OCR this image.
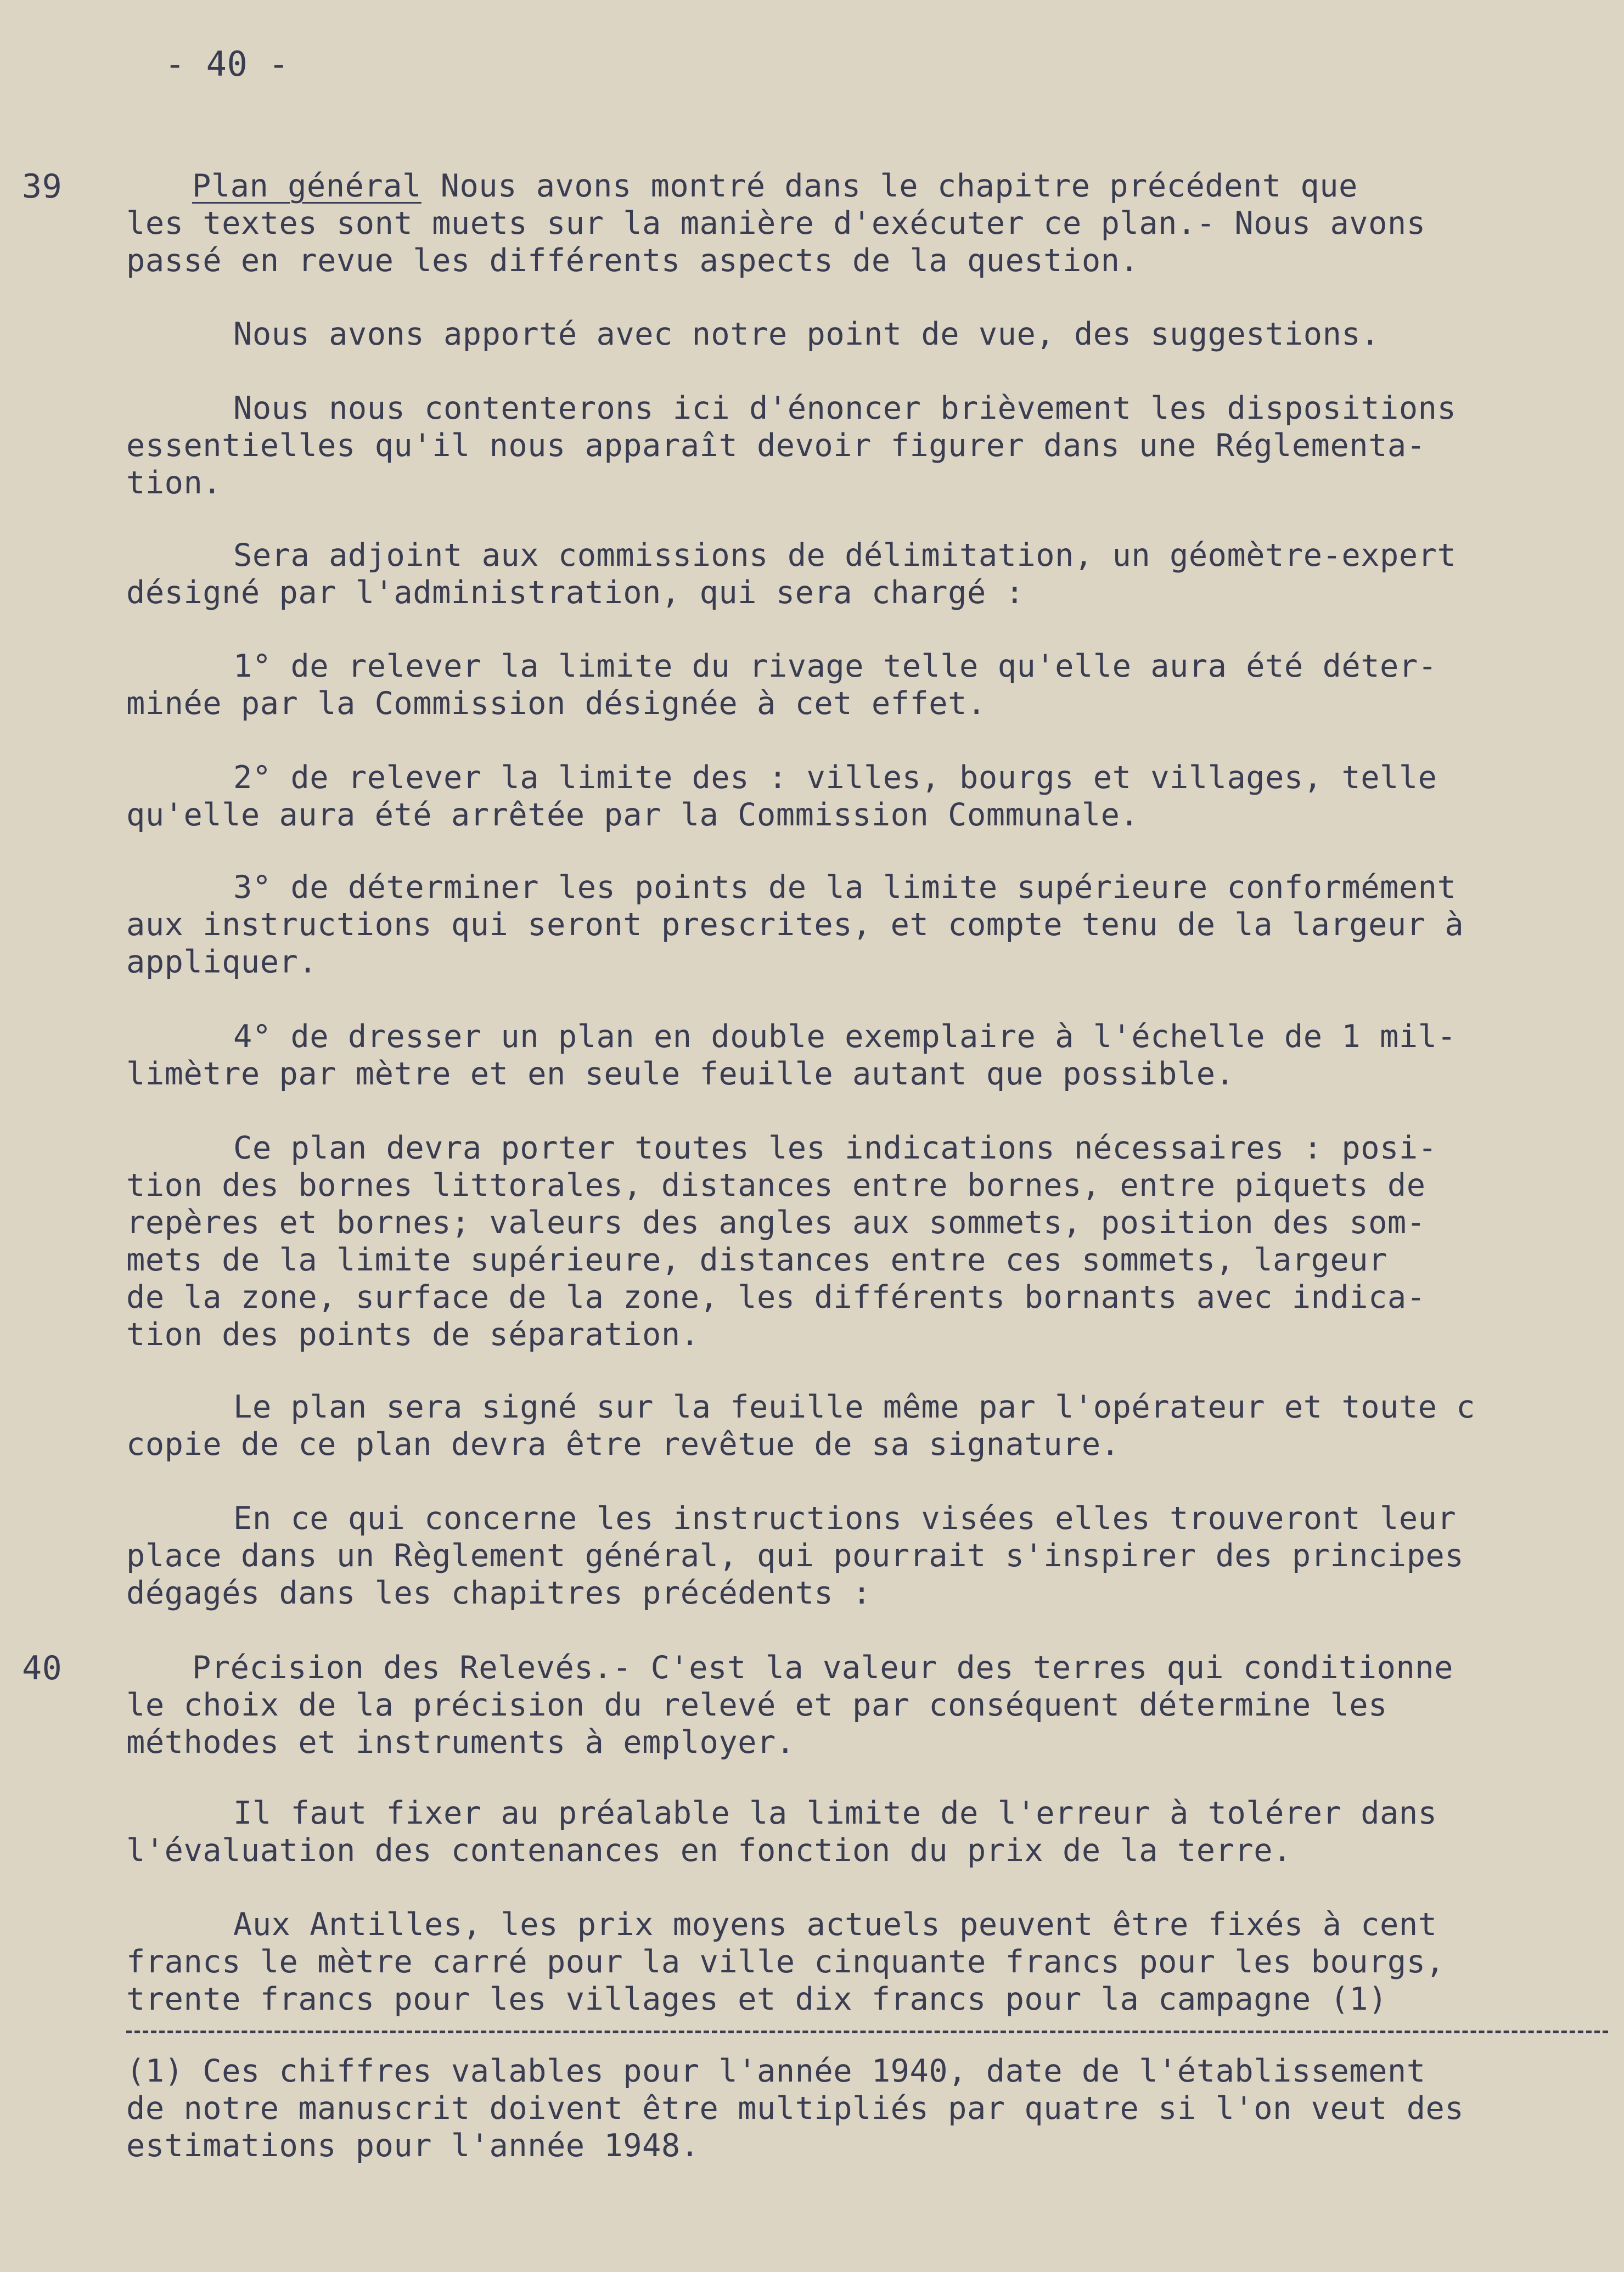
- 40 -
39
40
Plan général Nous avons montré dans le chapitre précédent que
les textes sont muets sur la manière d'exécuter ce plan.- Nous avons
passé en revue les différents aspects de la question.
Nous avons apporté avec notre point de vue, des suggestions.
Nous nous contenterons ici d'énoncer brièvement les dispositions
essentielles qu'il nous apparaît devoir figurer dans une Réglementa-
tion.
Sera adjoint aux commissions de délimitation, un géomètre-expert
désigné par l'administration, qui sera chargé :
1° de relever la limite du rivage telle qu'elle aura été déter-
minée par la Commission désignée à cet effet.
2° de relever la limite des : villes, bourgs et villages, telle
qu'elle aura été arrêtée par la Commission Communale.
3° de déterminer les points de la limite supérieure conformément
aux instructions qui seront prescrites, et compte tenu de la largeur à
appliquer.
4° de dresser un plan en double exemplaire à l'échelle de 1 mil-
limètre par mètre et en seule feuille autant que possible.
Ce plan devra porter toutes les indications nécessaires : posi-
tion des bornes littorales, distances entre bornes, entre piquets de
repères et bornes; valeurs des angles aux sommets, position des som-
mets de la limite supérieure, distances entre ces sommets, largeur
de la zone, surface de la zone, les différents bornants avec indica-
tion des points de séparation.
Le plan sera signé sur la feuille même par l'opérateur et toute c
copie de ce plan devra être revêtue de sa signature.
En ce qui concerne les instructions visées elles trouveront leur
place dans un Règlement général, qui pourrait s'inspirer des principes
dégagés dans les chapitres précédents :
Précision des Relevés.- C'est la valeur des terres qui conditionne
le choix de la précision du relevé et par conséquent détermine les
méthodes et instruments à employer.
Il faut fixer au préalable la limite de l'erreur à tolérer dans
l'évaluation des contenances en fonction du prix de la terre.
Aux Antilles, les prix moyens actuels peuvent être fixés à cent
francs le mètre carré pour la ville cinquante francs pour les bourgs,
trente francs pour les villages et dix francs pour la campagne (1)
(1) Ces chiffres valables pour l'année 1940, date de l'établissement
de notre manuscrit doivent être multipliés par quatre si l'on veut des
estimations pour l'année 1948.
